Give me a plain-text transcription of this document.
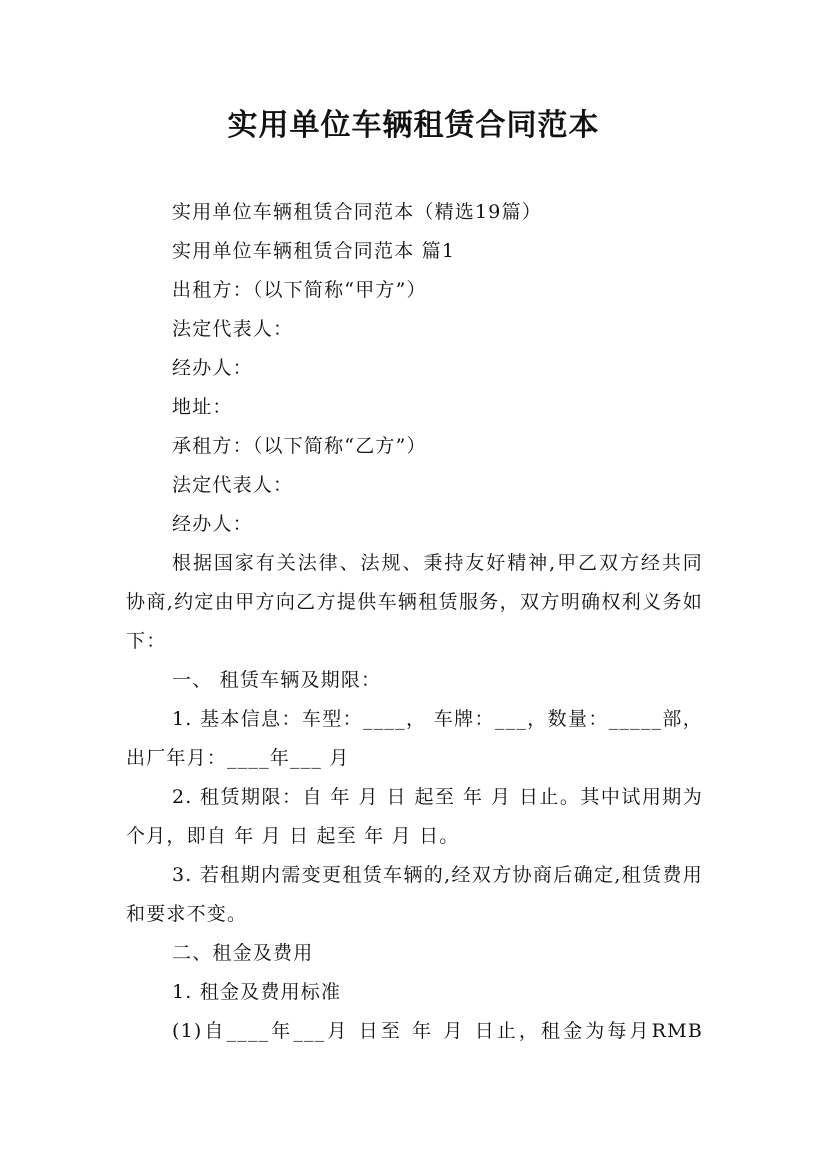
实用单位车辆租赁合同范本

实用单位车辆租赁合同范本（精选19篇）

实用单位车辆租赁合同范本 篇1

出租方：（以下简称“甲方”）

法定代表人：

经办人：

地址：

承租方：（以下简称“乙方”）

法定代表人：

经办人：

根据国家有关法律、法规、秉持友好精神,甲乙双方经共同协商,约定由甲方向乙方提供车辆租赁服务，双方明确权利义务如下：

一、 租赁车辆及期限：

1. 基本信息：车型：____， 车牌：___，数量：_____部，出厂年月：____年___ 月

2. 租赁期限：自 年 月 日 起至 年 月 日止。其中试用期为 个月，即自 年 月 日 起至 年 月 日。

3. 若租期内需变更租赁车辆的,经双方协商后确定,租赁费用和要求不变。

二、租金及费用

1. 租金及费用标准

(1)自____年___月 日至 年 月 日止，租金为每月RMB
